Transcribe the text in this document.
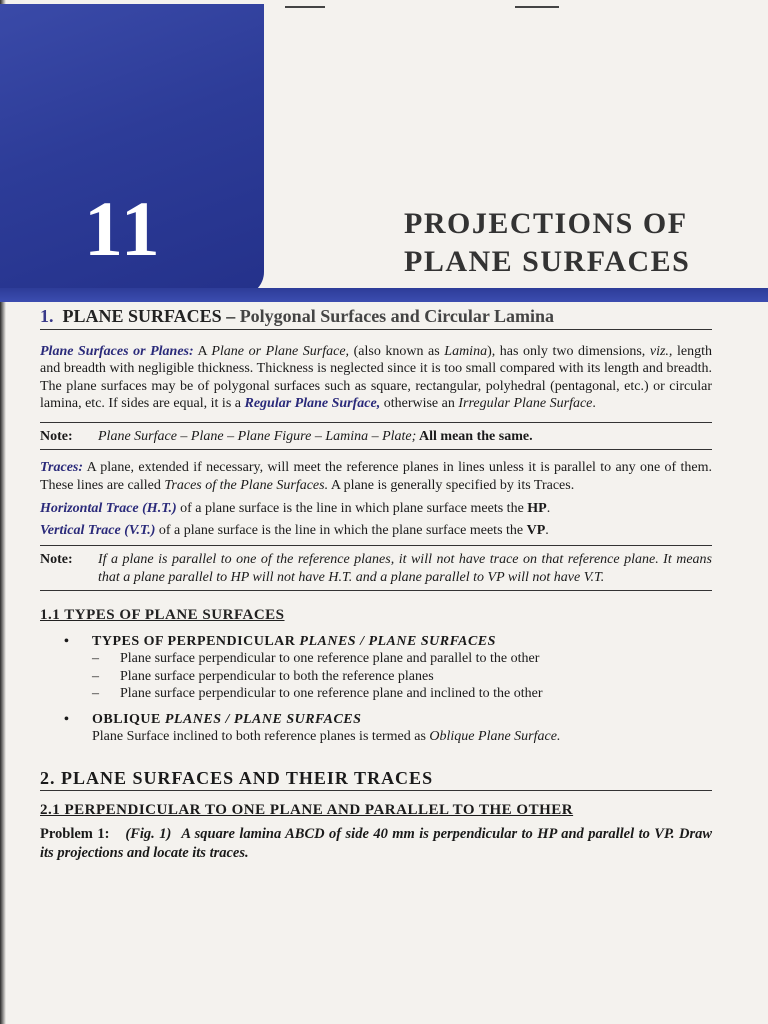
11	PROJECTIONS OF
PLANE SURFACES
1. PLANE SURFACES – Polygonal Surfaces and Circular Lamina

Plane Surfaces or Planes: A Plane or Plane Surface, (also known as Lamina), has only two dimensions, viz., length and breadth with negligible thickness. Thickness is neglected since it is too small compared with its length and breadth. The plane surfaces may be of polygonal surfaces such as square, rectangular, polyhedral (pentagonal, etc.) or circular lamina, etc. If sides are equal, it is a Regular Plane Surface, otherwise an Irregular Plane Surface.

Note:	Plane Surface – Plane – Plane Figure – Lamina – Plate; All mean the same.

Traces: A plane, extended if necessary, will meet the reference planes in lines unless it is parallel to any one of them. These lines are called Traces of the Plane Surfaces. A plane is generally specified by its Traces.

Horizontal Trace (H.T.) of a plane surface is the line in which plane surface meets the HP.

Vertical Trace (V.T.) of a plane surface is the line in which the plane surface meets the VP.

Note:	If a plane is parallel to one of the reference planes, it will not have trace on that reference plane. It means that a plane parallel to HP will not have H.T. and a plane parallel to VP will not have V.T.
1.1 TYPES OF PLANE SURFACES
• TYPES OF PERPENDICULAR PLANES / PLANE SURFACES
– Plane surface perpendicular to one reference plane and parallel to the other
– Plane surface perpendicular to both the reference planes
– Plane surface perpendicular to one reference plane and inclined to the other
• OBLIQUE PLANES / PLANE SURFACES
Plane Surface inclined to both reference planes is termed as Oblique Plane Surface.
2. PLANE SURFACES AND THEIR TRACES
2.1 PERPENDICULAR TO ONE PLANE AND PARALLEL TO THE OTHER

Problem 1: (Fig. 1) A square lamina ABCD of side 40 mm is perpendicular to HP and parallel to VP. Draw its projections and locate its traces.
